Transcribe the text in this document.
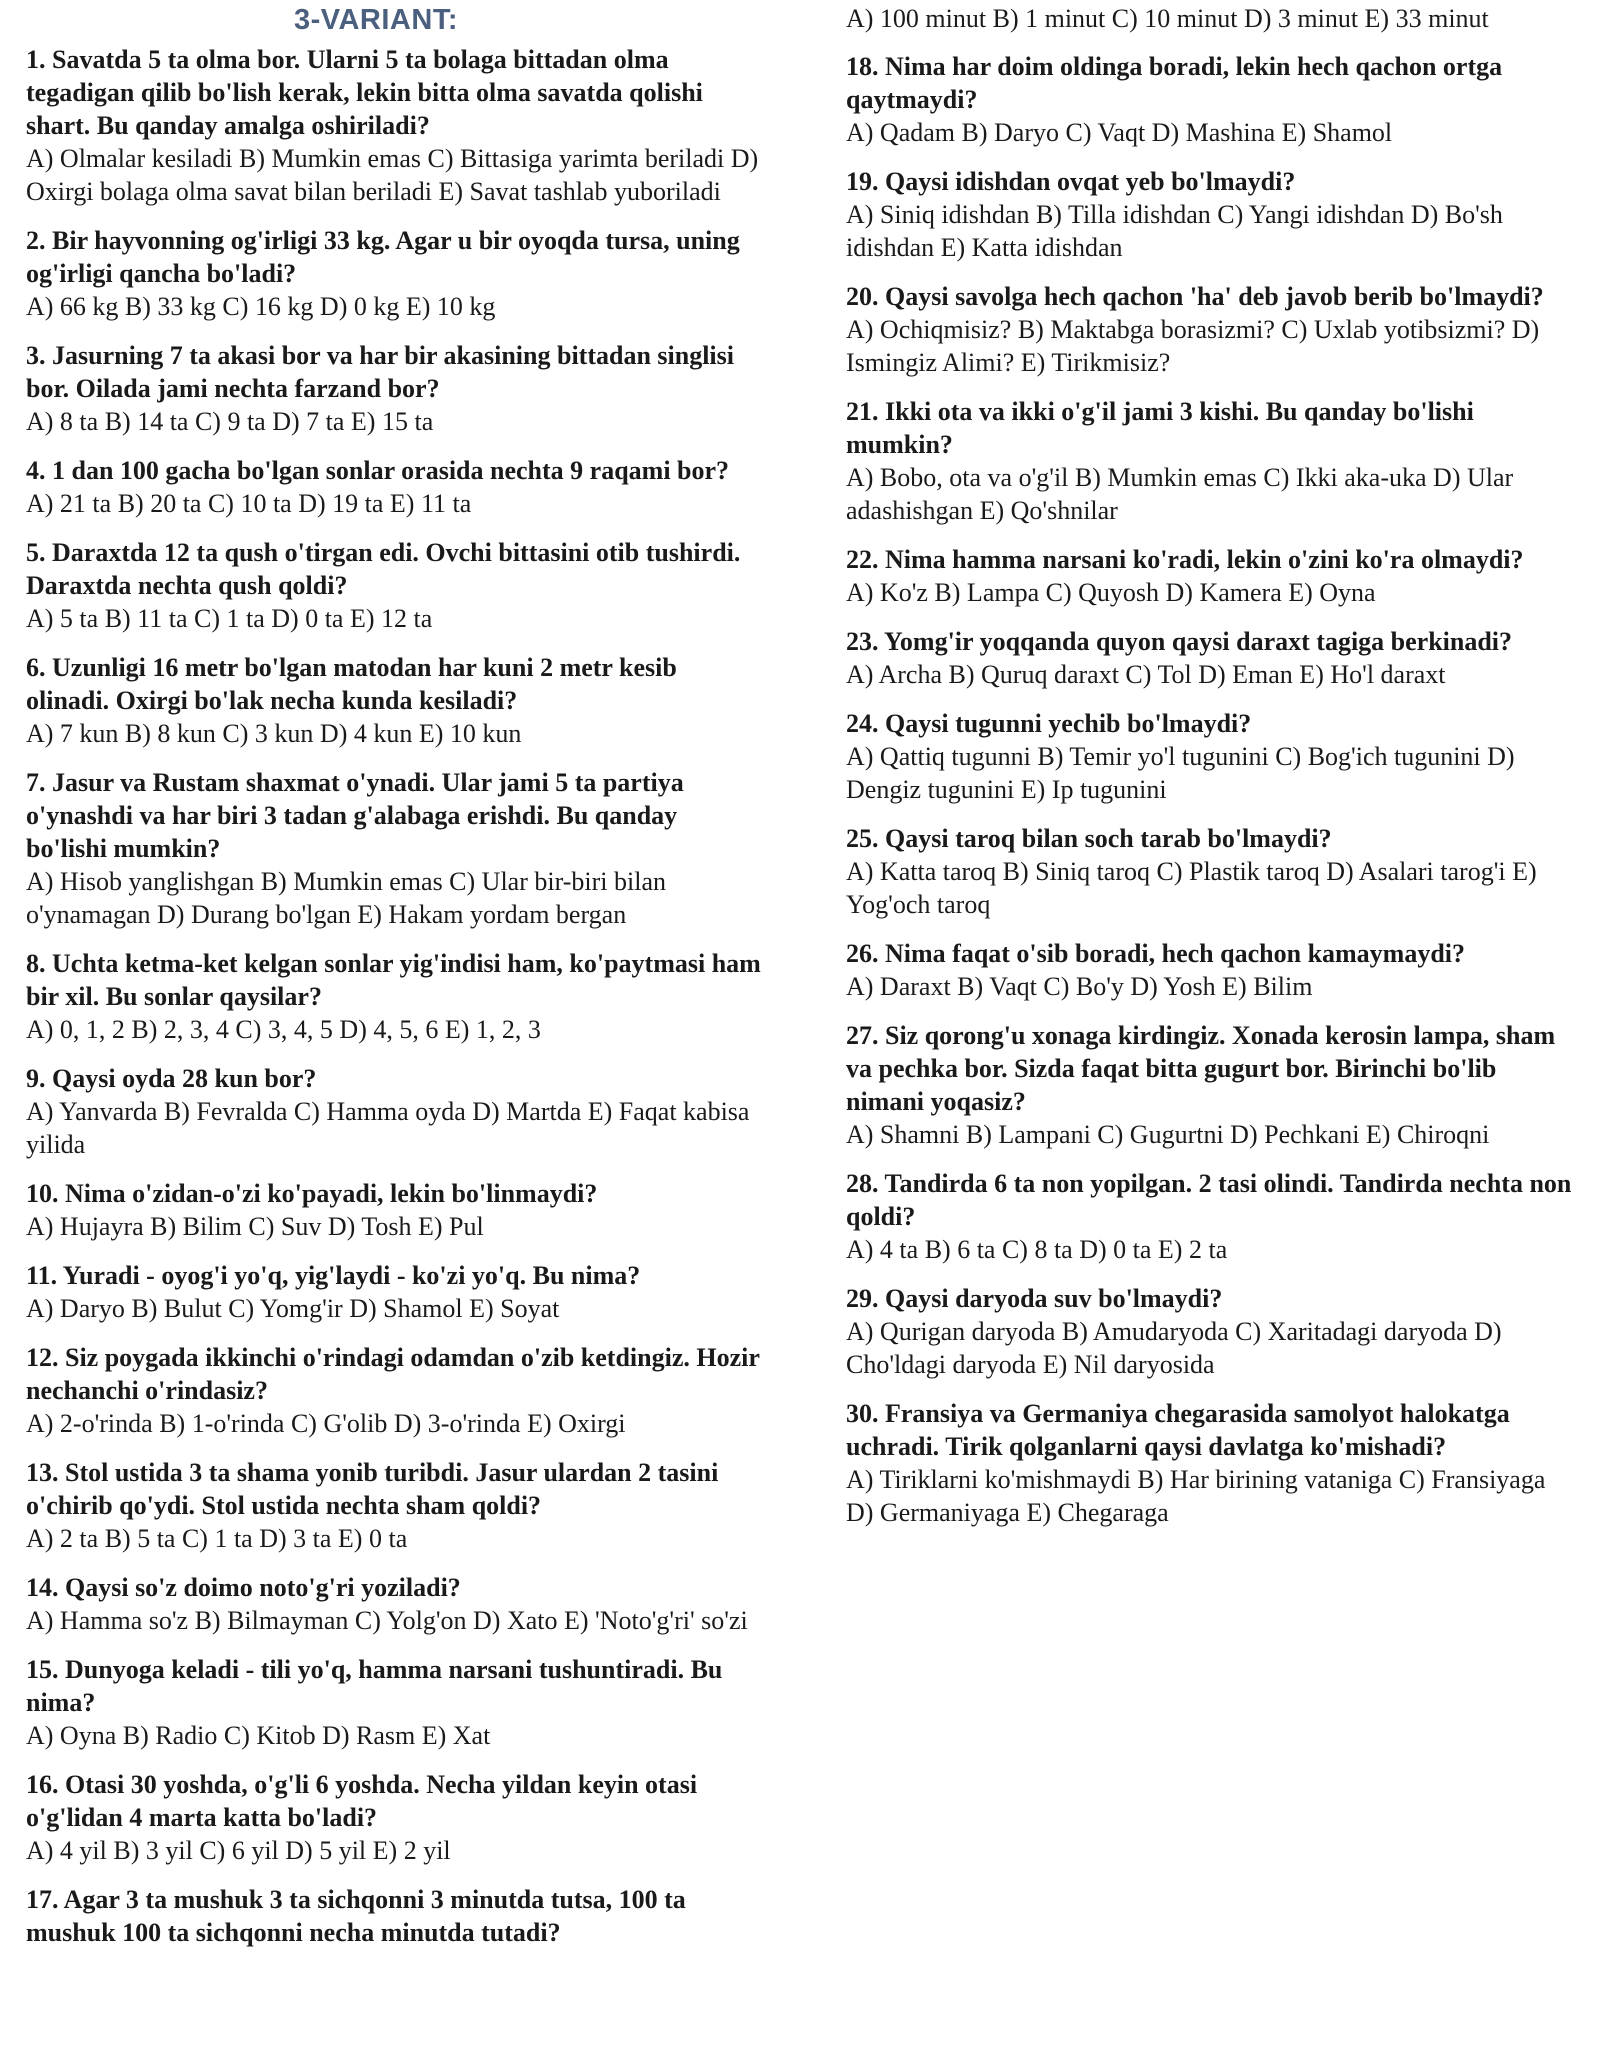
3-VARIANT:
1. Savatda 5 ta olma bor. Ularni 5 ta bolaga bittadan olma tegadigan qilib bo'lish kerak, lekin bitta olma savatda qolishi shart. Bu qanday amalga oshiriladi?
A) Olmalar kesiladi B) Mumkin emas C) Bittasiga yarimta beriladi D) Oxirgi bolaga olma savat bilan beriladi E) Savat tashlab yuboriladi
2. Bir hayvonning og'irligi 33 kg. Agar u bir oyoqda tursa, uning og'irligi qancha bo'ladi?
A) 66 kg B) 33 kg C) 16 kg D) 0 kg E) 10 kg
3. Jasurning 7 ta akasi bor va har bir akasining bittadan singlisi bor. Oilada jami nechta farzand bor?
A) 8 ta B) 14 ta C) 9 ta D) 7 ta E) 15 ta
4. 1 dan 100 gacha bo'lgan sonlar orasida nechta 9 raqami bor?
A) 21 ta B) 20 ta C) 10 ta D) 19 ta E) 11 ta
5. Daraxtda 12 ta qush o'tirgan edi. Ovchi bittasini otib tushirdi. Daraxtda nechta qush qoldi?
A) 5 ta B) 11 ta C) 1 ta D) 0 ta E) 12 ta
6. Uzunligi 16 metr bo'lgan matodan har kuni 2 metr kesib olinadi. Oxirgi bo'lak necha kunda kesiladi?
A) 7 kun B) 8 kun C) 3 kun D) 4 kun E) 10 kun
7. Jasur va Rustam shaxmat o'ynadi. Ular jami 5 ta partiya o'ynashdi va har biri 3 tadan g'alabaga erishdi. Bu qanday bo'lishi mumkin?
A) Hisob yanglishgan B) Mumkin emas C) Ular bir-biri bilan o'ynamagan D) Durang bo'lgan E) Hakam yordam bergan
8. Uchta ketma-ket kelgan sonlar yig'indisi ham, ko'paytmasi ham bir xil. Bu sonlar qaysilar?
A) 0, 1, 2 B) 2, 3, 4 C) 3, 4, 5 D) 4, 5, 6 E) 1, 2, 3
9. Qaysi oyda 28 kun bor?
A) Yanvarda B) Fevralda C) Hamma oyda D) Martda E) Faqat kabisa yilida
10. Nima o'zidan-o'zi ko'payadi, lekin bo'linmaydi?
A) Hujayra B) Bilim C) Suv D) Tosh E) Pul
11. Yuradi - oyog'i yo'q, yig'laydi - ko'zi yo'q. Bu nima?
A) Daryo B) Bulut C) Yomg'ir D) Shamol E) Soyat
12. Siz poygada ikkinchi o'rindagi odamdan o'zib ketdingiz. Hozir nechanchi o'rindasiz?
A) 2-o'rinda B) 1-o'rinda C) G'olib D) 3-o'rinda E) Oxirgi
13. Stol ustida 3 ta shama yonib turibdi. Jasur ulardan 2 tasini o'chirib qo'ydi. Stol ustida nechta sham qoldi?
A) 2 ta B) 5 ta C) 1 ta D) 3 ta E) 0 ta
14. Qaysi so'z doimo noto'g'ri yoziladi?
A) Hamma so'z B) Bilmayman C) Yolg'on D) Xato E) 'Noto'g'ri' so'zi
15. Dunyoga keladi - tili yo'q, hamma narsani tushuntiradi. Bu nima?
A) Oyna B) Radio C) Kitob D) Rasm E) Xat
16. Otasi 30 yoshda, o'g'li 6 yoshda. Necha yildan keyin otasi o'g'lidan 4 marta katta bo'ladi?
A) 4 yil B) 3 yil C) 6 yil D) 5 yil E) 2 yil
17. Agar 3 ta mushuk 3 ta sichqonni 3 minutda tutsa, 100 ta mushuk 100 ta sichqonni necha minutda tutadi?
A) 100 minut B) 1 minut C) 10 minut D) 3 minut E) 33 minut
18. Nima har doim oldinga boradi, lekin hech qachon ortga qaytmaydi?
A) Qadam B) Daryo C) Vaqt D) Mashina E) Shamol
19. Qaysi idishdan ovqat yeb bo'lmaydi?
A) Siniq idishdan B) Tilla idishdan C) Yangi idishdan D) Bo'sh idishdan E) Katta idishdan
20. Qaysi savolga hech qachon 'ha' deb javob berib bo'lmaydi?
A) Ochiqmisiz? B) Maktabga borasizmi? C) Uxlab yotibsizmi? D) Ismingiz Alimi? E) Tirikmisiz?
21. Ikki ota va ikki o'g'il jami 3 kishi. Bu qanday bo'lishi mumkin?
A) Bobo, ota va o'g'il B) Mumkin emas C) Ikki aka-uka D) Ular adashishgan E) Qo'shnilar
22. Nima hamma narsani ko'radi, lekin o'zini ko'ra olmaydi?
A) Ko'z B) Lampa C) Quyosh D) Kamera E) Oyna
23. Yomg'ir yoqqanda quyon qaysi daraxt tagiga berkinadi?
A) Archa B) Quruq daraxt C) Tol D) Eman E) Ho'l daraxt
24. Qaysi tugunni yechib bo'lmaydi?
A) Qattiq tugunni B) Temir yo'l tugunini C) Bog'ich tugunini D) Dengiz tugunini E) Ip tugunini
25. Qaysi taroq bilan soch tarab bo'lmaydi?
A) Katta taroq B) Siniq taroq C) Plastik taroq D) Asalari tarog'i E) Yog'och taroq
26. Nima faqat o'sib boradi, hech qachon kamaymaydi?
A) Daraxt B) Vaqt C) Bo'y D) Yosh E) Bilim
27. Siz qorong'u xonaga kirdingiz. Xonada kerosin lampa, sham va pechka bor. Sizda faqat bitta gugurt bor. Birinchi bo'lib nimani yoqasiz?
A) Shamni B) Lampani C) Gugurtni D) Pechkani E) Chiroqni
28. Tandirda 6 ta non yopilgan. 2 tasi olindi. Tandirda nechta non qoldi?
A) 4 ta B) 6 ta C) 8 ta D) 0 ta E) 2 ta
29. Qaysi daryoda suv bo'lmaydi?
A) Qurigan daryoda B) Amudaryoda C) Xaritadagi daryoda D) Cho'ldagi daryoda E) Nil daryosida
30. Fransiya va Germaniya chegarasida samolyot halokatga uchradi. Tirik qolganlarni qaysi davlatga ko'mishadi?
A) Tiriklarni ko'mishmaydi B) Har birining vataniga C) Fransiyaga D) Germaniyaga E) Chegaraga
